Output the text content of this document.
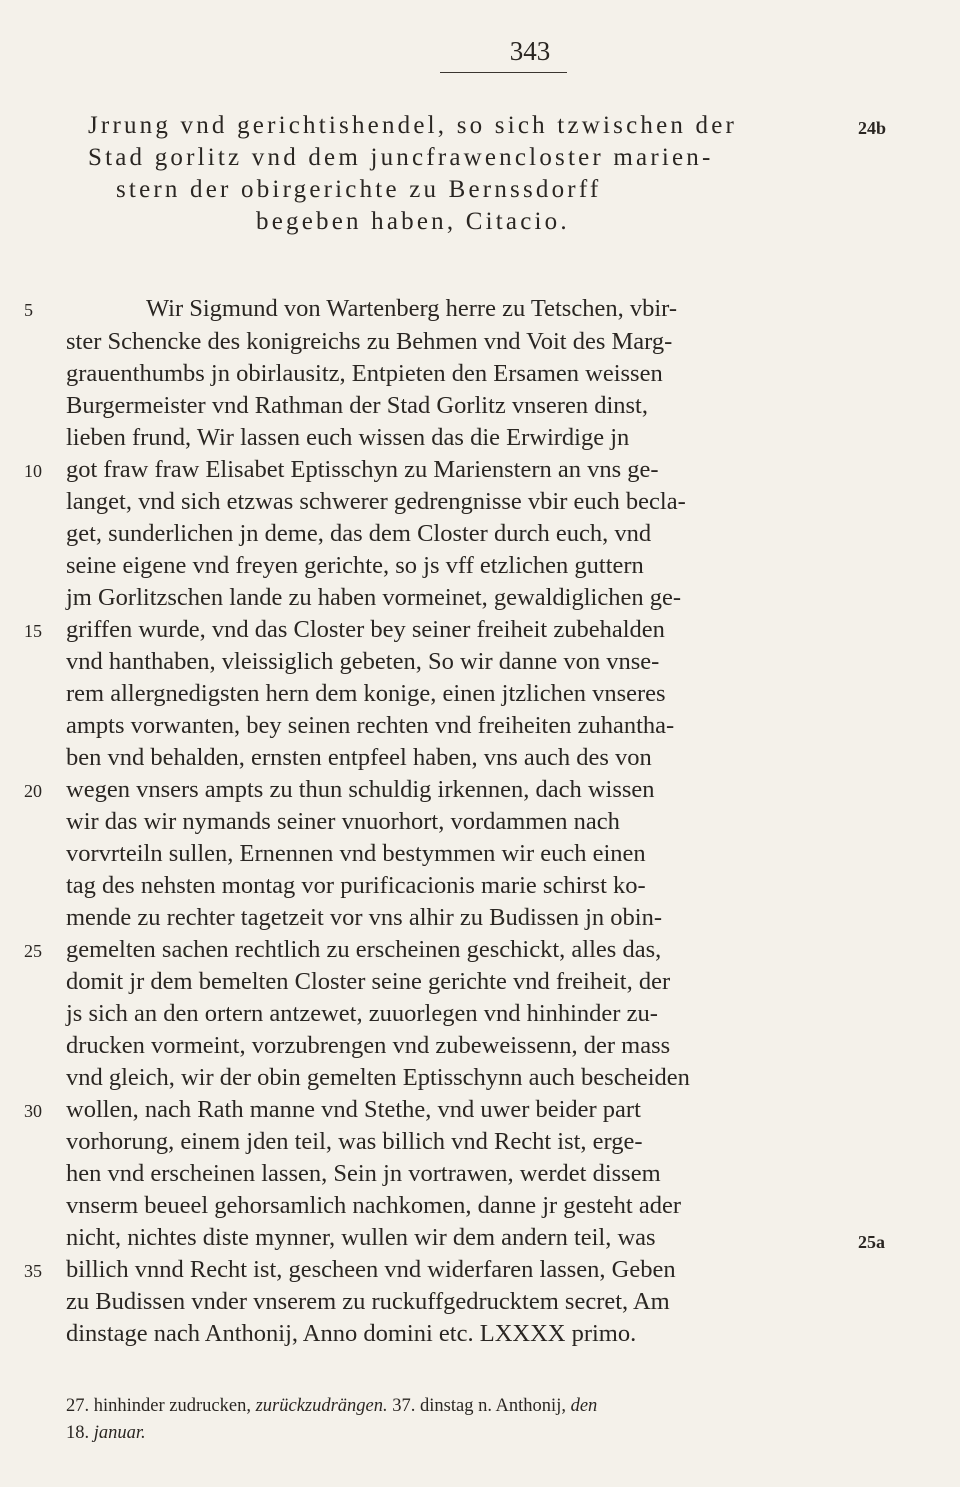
343
Jrrung vnd gerichtishendel, so sich tzwischen der
Stad gorlitz vnd dem juncfrawencloster marien-
stern der obirgerichte zu Bernssdorff
begeben haben, Citacio.
24b
Wir Sigmund von Wartenberg herre zu Tetschen, vbir-
ster Schencke des konigreichs zu Behmen vnd Voit des Marg-
grauenthumbs jn obirlausitz, Entpieten den Ersamen weissen
Burgermeister vnd Rathman der Stad Gorlitz vnseren dinst,
lieben frund, Wir lassen euch wissen das die Erwirdige jn
got fraw fraw Elisabet Eptisschyn zu Marienstern an vns ge-
langet, vnd sich etzwas schwerer gedrengnisse vbir euch becla-
get, sunderlichen jn deme, das dem Closter durch euch, vnd
seine eigene vnd freyen gerichte, so js vff etzlichen guttern
jm Gorlitzschen lande zu haben vormeinet, gewaldiglichen ge-
griffen wurde, vnd das Closter bey seiner freiheit zubehalden
vnd hanthaben, vleissiglich gebeten, So wir danne von vnse-
rem allergnedigsten hern dem konige, einen jtzlichen vnseres
ampts vorwanten, bey seinen rechten vnd freiheiten zuhantha-
ben vnd behalden, ernsten entpfeel haben, vns auch des von
wegen vnsers ampts zu thun schuldig irkennen, dach wissen
wir das wir nymands seiner vnuorhort, vordammen nach
vorvrteiln sullen, Ernennen vnd bestymmen wir euch einen
tag des nehsten montag vor purificacionis marie schirst ko-
mende zu rechter tagetzeit vor vns alhir zu Budissen jn obin-
gemelten sachen rechtlich zu erscheinen geschickt, alles das,
domit jr dem bemelten Closter seine gerichte vnd freiheit, der
js sich an den ortern antzewet, zuuorlegen vnd hinhinder zu-
drucken vormeint, vorzubrengen vnd zubeweissenn, der mass
vnd gleich, wir der obin gemelten Eptisschynn auch bescheiden
wollen, nach Rath manne vnd Stethe, vnd uwer beider part
vorhorung, einem jden teil, was billich vnd Recht ist, erge-
hen vnd erscheinen lassen, Sein jn vortrawen, werdet dissem
vnserm beueel gehorsamlich nachkomen, danne jr gesteht ader
nicht, nichtes diste mynner, wullen wir dem andern teil, was
billich vnnd Recht ist, gescheen vnd widerfaren lassen, Geben
zu Budissen vnder vnserem zu ruckuffgedrucktem secret, Am
dinstage nach Anthonij, Anno domini etc. LXXXX primo.
5
10
15
20
25
30
35
25a
27. hinhinder zudrucken, zurückzudrängen. 37. dinstag n. Anthonij, den
18. januar.
